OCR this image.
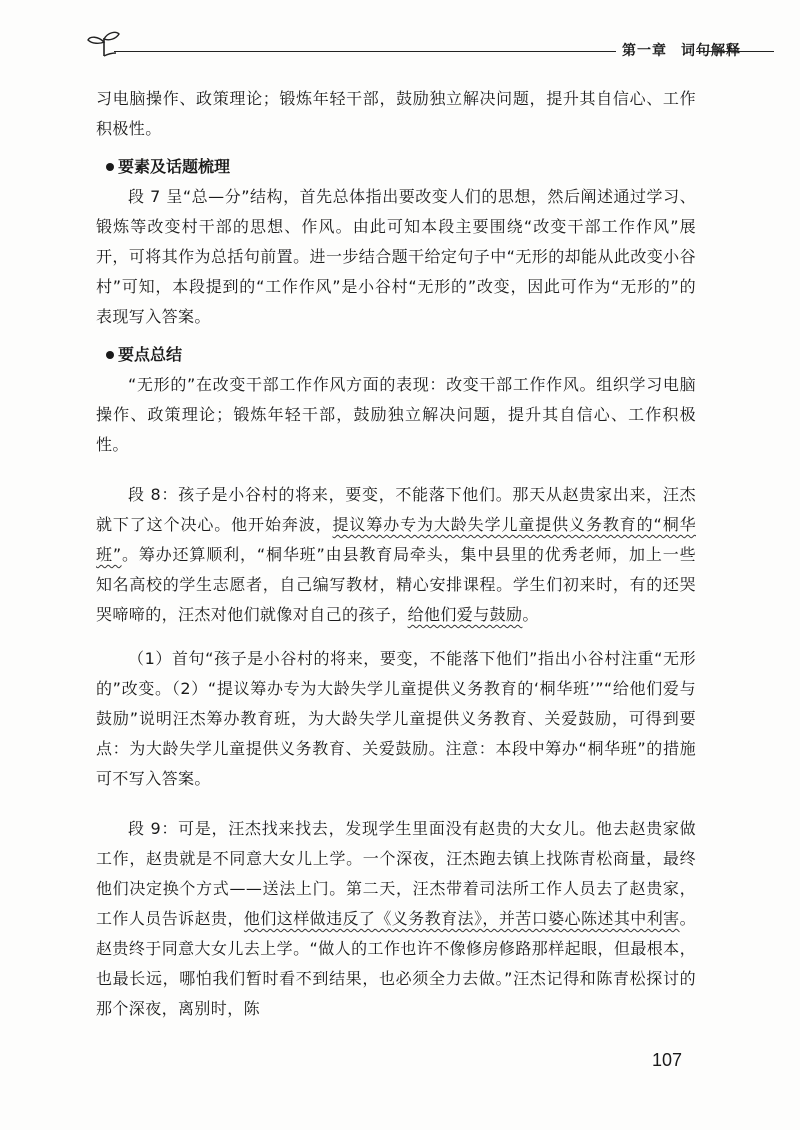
第一章 词句解释

习电脑操作、政策理论；锻炼年轻干部，鼓励独立解决问题，提升其自信心、工作积极性。

要素及话题梳理

段 7 呈“总—分”结构，首先总体指出要改变人们的思想，然后阐述通过学习、锻炼等改变村干部的思想、作风。由此可知本段主要围绕“改变干部工作作风”展开，可将其作为总括句前置。进一步结合题干给定句子中“无形的却能从此改变小谷村”可知，本段提到的“工作作风”是小谷村“无形的”改变，因此可作为“无形的”的表现写入答案。

要点总结

“无形的”在改变干部工作作风方面的表现：改变干部工作作风。组织学习电脑操作、政策理论；锻炼年轻干部，鼓励独立解决问题，提升其自信心、工作积极性。

段 8：孩子是小谷村的将来，要变，不能落下他们。那天从赵贵家出来，汪杰就下了这个决心。他开始奔波，提议筹办专为大龄失学儿童提供义务教育的“桐华班”。筹办还算顺利，“桐华班”由县教育局牵头，集中县里的优秀老师，加上一些知名高校的学生志愿者，自己编写教材，精心安排课程。学生们初来时，有的还哭哭啼啼的，汪杰对他们就像对自己的孩子，给他们爱与鼓励。

（1）首句“孩子是小谷村的将来，要变，不能落下他们”指出小谷村注重“无形的”改变。（2）“提议筹办专为大龄失学儿童提供义务教育的‘桐华班’”“给他们爱与鼓励”说明汪杰筹办教育班，为大龄失学儿童提供义务教育、关爱鼓励，可得到要点：为大龄失学儿童提供义务教育、关爱鼓励。注意：本段中筹办“桐华班”的措施可不写入答案。

段 9：可是，汪杰找来找去，发现学生里面没有赵贵的大女儿。他去赵贵家做工作，赵贵就是不同意大女儿上学。一个深夜，汪杰跑去镇上找陈青松商量，最终他们决定换个方式——送法上门。第二天，汪杰带着司法所工作人员去了赵贵家，工作人员告诉赵贵，他们这样做违反了《义务教育法》，并苦口婆心陈述其中利害。赵贵终于同意大女儿去上学。“做人的工作也许不像修房修路那样起眼，但最根本，也最长远，哪怕我们暂时看不到结果，也必须全力去做。”汪杰记得和陈青松探讨的那个深夜，离别时，陈

107
